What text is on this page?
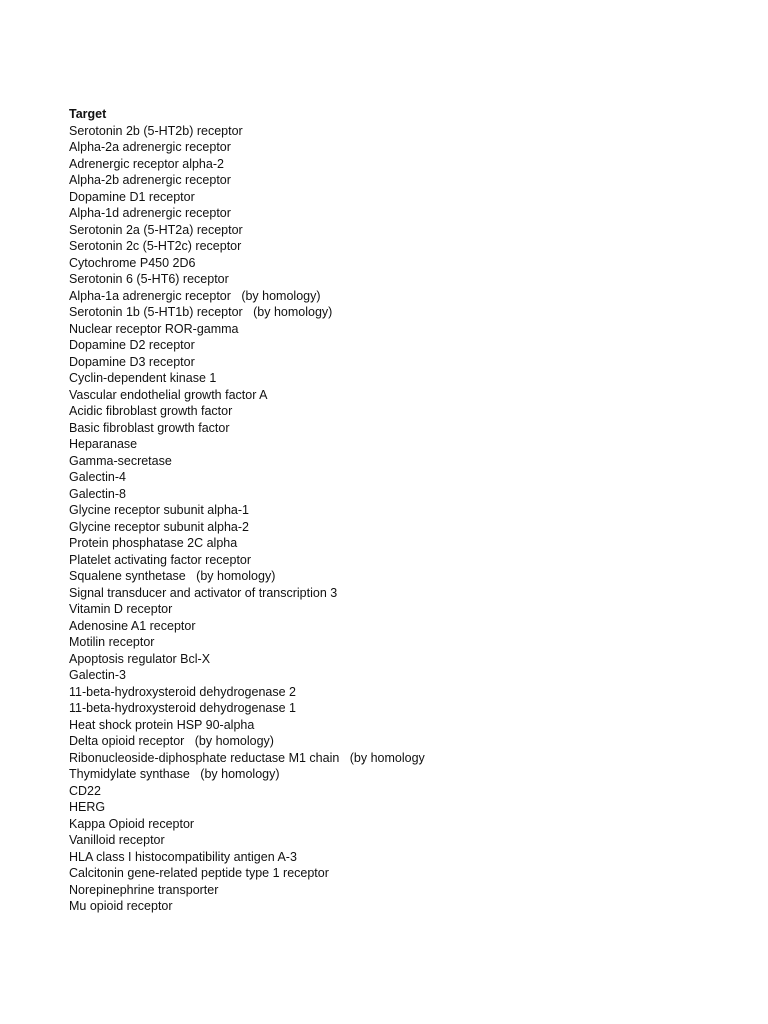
Target
Serotonin 2b (5-HT2b) receptor
Alpha-2a adrenergic receptor
Adrenergic receptor alpha-2
Alpha-2b adrenergic receptor
Dopamine D1 receptor
Alpha-1d adrenergic receptor
Serotonin 2a (5-HT2a) receptor
Serotonin 2c (5-HT2c) receptor
Cytochrome P450 2D6
Serotonin 6 (5-HT6) receptor
Alpha-1a adrenergic receptor   (by homology)
Serotonin 1b (5-HT1b) receptor   (by homology)
Nuclear receptor ROR-gamma
Dopamine D2 receptor
Dopamine D3 receptor
Cyclin-dependent kinase 1
Vascular endothelial growth factor A
Acidic fibroblast growth factor
Basic fibroblast growth factor
Heparanase
Gamma-secretase
Galectin-4
Galectin-8
Glycine receptor subunit alpha-1
Glycine receptor subunit alpha-2
Protein phosphatase 2C alpha
Platelet activating factor receptor
Squalene synthetase   (by homology)
Signal transducer and activator of transcription 3
Vitamin D receptor
Adenosine A1 receptor
Motilin receptor
Apoptosis regulator Bcl-X
Galectin-3
11-beta-hydroxysteroid dehydrogenase 2
11-beta-hydroxysteroid dehydrogenase 1
Heat shock protein HSP 90-alpha
Delta opioid receptor   (by homology)
Ribonucleoside-diphosphate reductase M1 chain   (by homology
Thymidylate synthase   (by homology)
CD22
HERG
Kappa Opioid receptor
Vanilloid receptor
HLA class I histocompatibility antigen A-3
Calcitonin gene-related peptide type 1 receptor
Norepinephrine transporter
Mu opioid receptor
